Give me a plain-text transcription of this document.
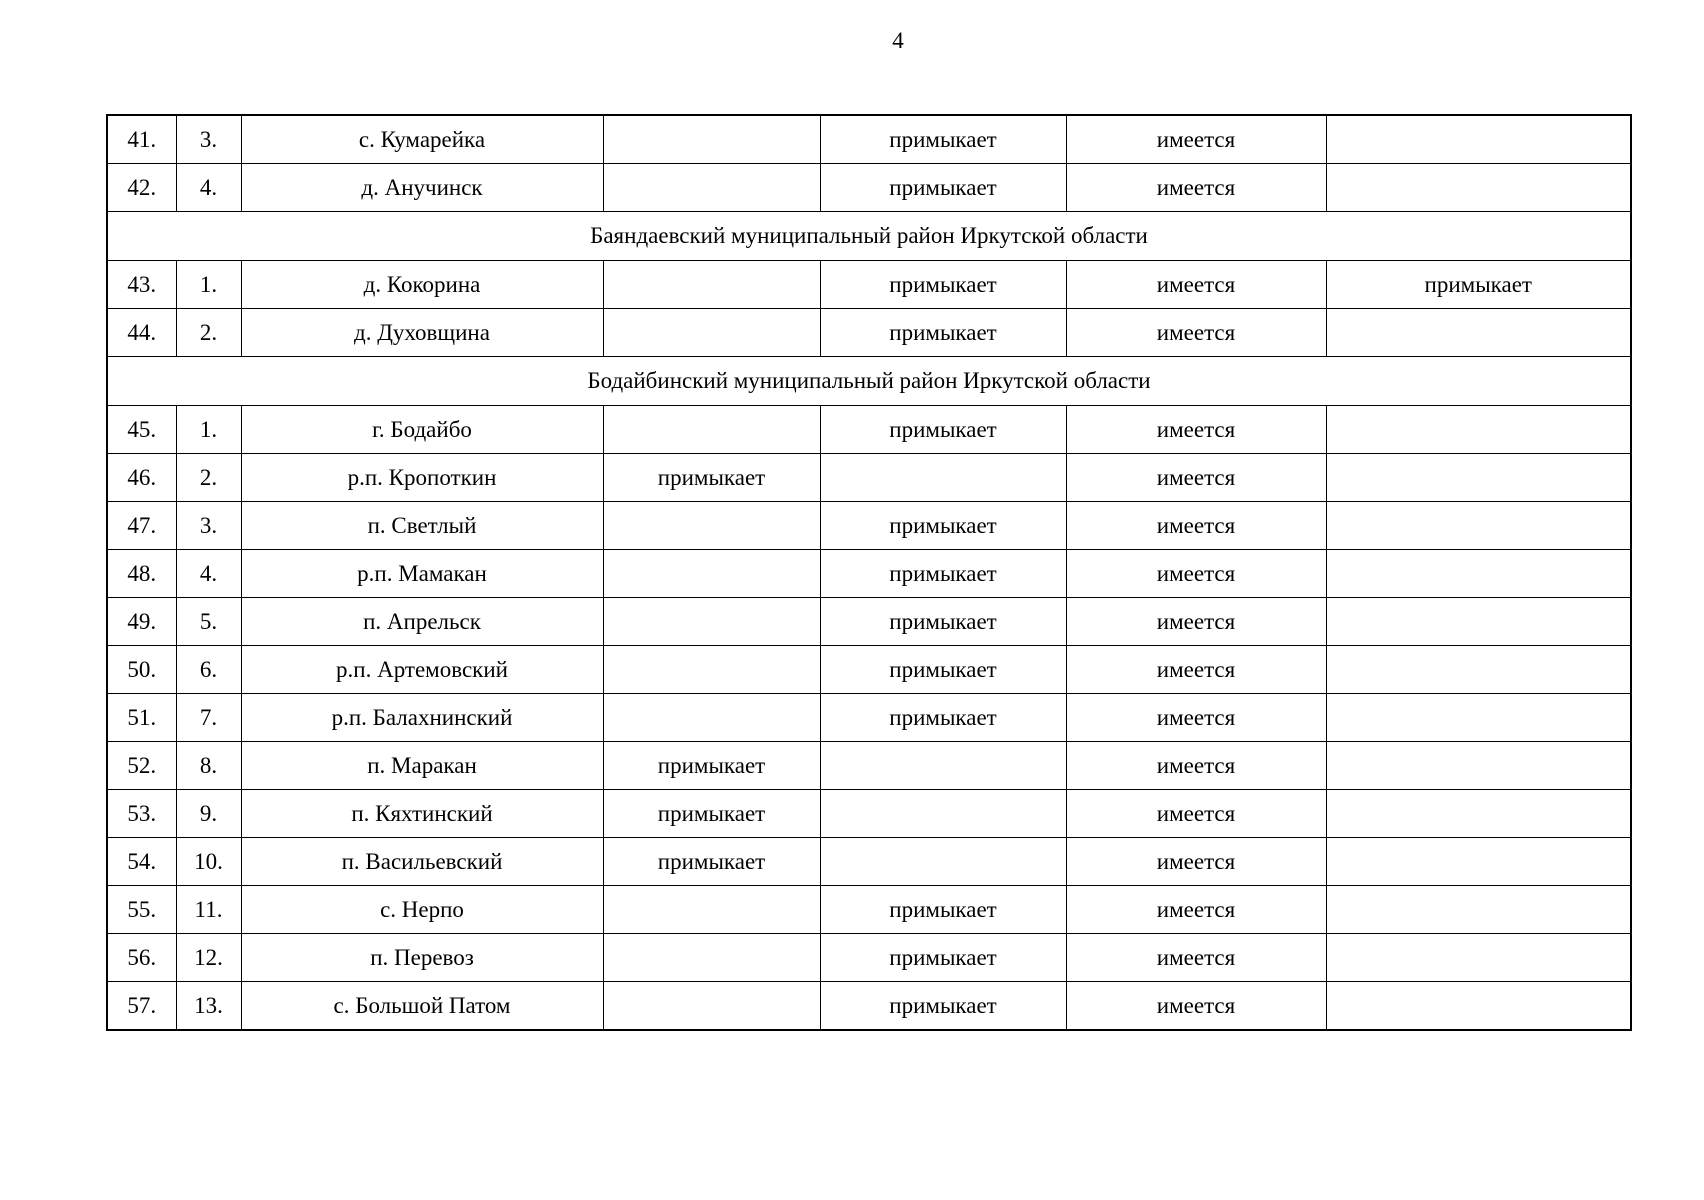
4
41.	3.	с. Кумарейка		примыкает	имеется	
42.	4.	д. Анучинск		примыкает	имеется	
Баяндаевский муниципальный район Иркутской области						
43.	1.	д. Кокорина		примыкает	имеется	примыкает
44.	2.	д. Духовщина		примыкает	имеется	
Бодайбинский муниципальный район Иркутской области						
45.	1.	г. Бодайбо		примыкает	имеется	
46.	2.	р.п. Кропоткин	примыкает		имеется	
47.	3.	п. Светлый		примыкает	имеется	
48.	4.	р.п. Мамакан		примыкает	имеется	
49.	5.	п. Апрельск		примыкает	имеется	
50.	6.	р.п. Артемовский		примыкает	имеется	
51.	7.	р.п. Балахнинский		примыкает	имеется	
52.	8.	п. Маракан	примыкает		имеется	
53.	9.	п. Кяхтинский	примыкает		имеется	
54.	10.	п. Васильевский	примыкает		имеется	
55.	11.	с. Нерпо		примыкает	имеется	
56.	12.	п. Перевоз		примыкает	имеется	
57.	13.	с. Большой Патом		примыкает	имеется	
